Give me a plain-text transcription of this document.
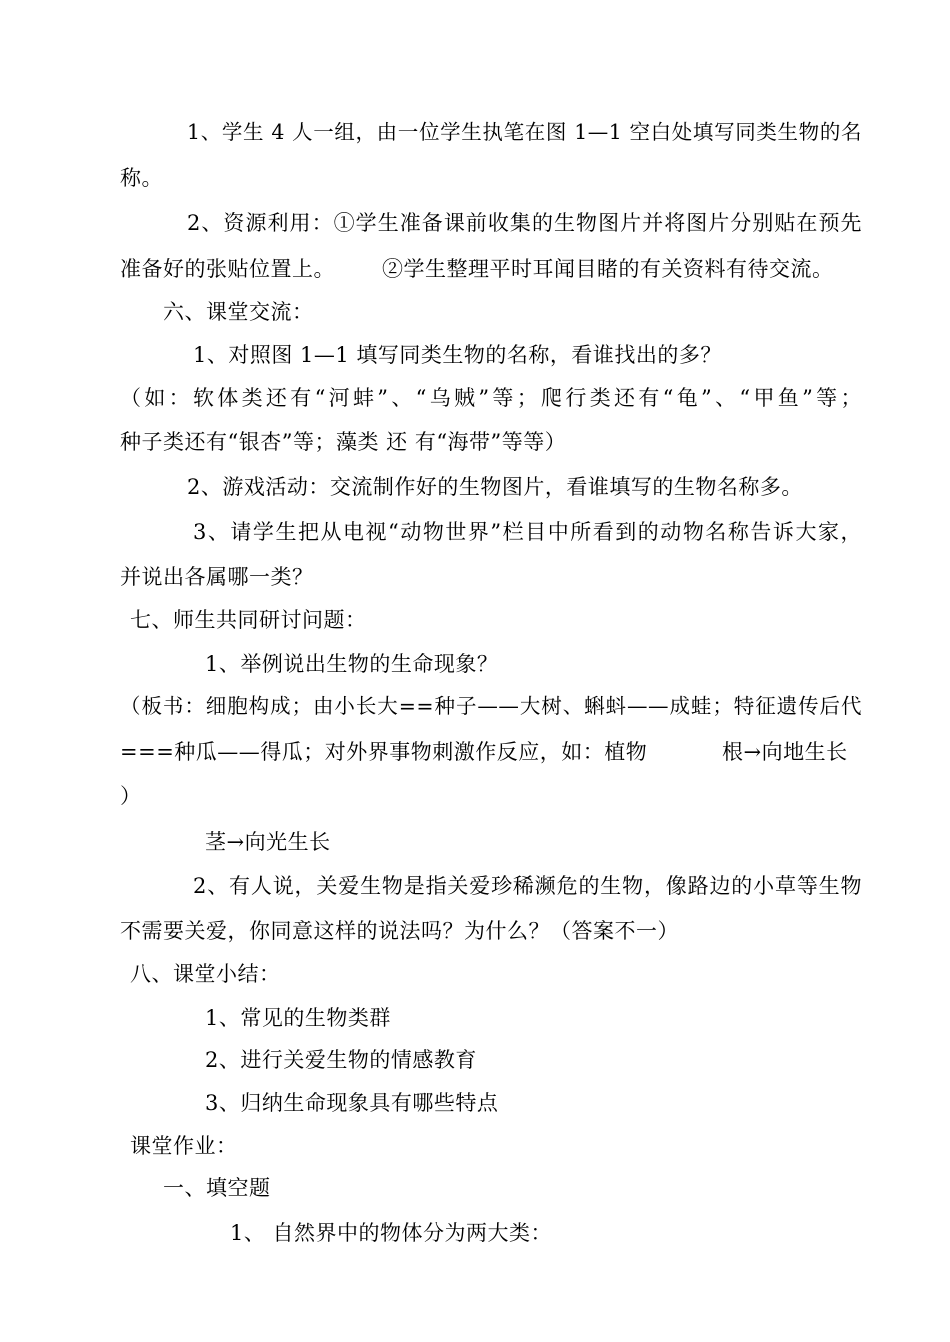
1、学生 4 人一组，由一位学生执笔在图 1—1 空白处填写同类生物的名
称。
2、资源利用：①学生准备课前收集的生物图片并将图片分别贴在预先
准备好的张贴位置上。 ②学生整理平时耳闻目睹的有关资料有待交流。
六、课堂交流：
1、对照图 1—1 填写同类生物的名称，看谁找出的多？
（如：软体类还有“河蚌”、“乌贼”等；爬行类还有“龟”、“甲鱼”等；
种子类还有“银杏”等；藻类 还 有“海带”等等）
2、游戏活动：交流制作好的生物图片，看谁填写的生物名称多。
3、请学生把从电视“动物世界”栏目中所看到的动物名称告诉大家，
并说出各属哪一类？
七、师生共同研讨问题：
1、举例说出生物的生命现象？
（板书：细胞构成；由小长大==种子——大树、蝌蚪——成蛙；特征遗传后代
===种瓜——得瓜；对外界事物刺激作反应，如：植物	根→向地生长
）
茎→向光生长
2、有人说，关爱生物是指关爱珍稀濒危的生物，像路边的小草等生物
不需要关爱，你同意这样的说法吗？为什么？（答案不一）
八、课堂小结：
1、常见的生物类群
2、进行关爱生物的情感教育
3、归纳生命现象具有哪些特点
课堂作业：
一、填空题
1、 自然界中的物体分为两大类：
